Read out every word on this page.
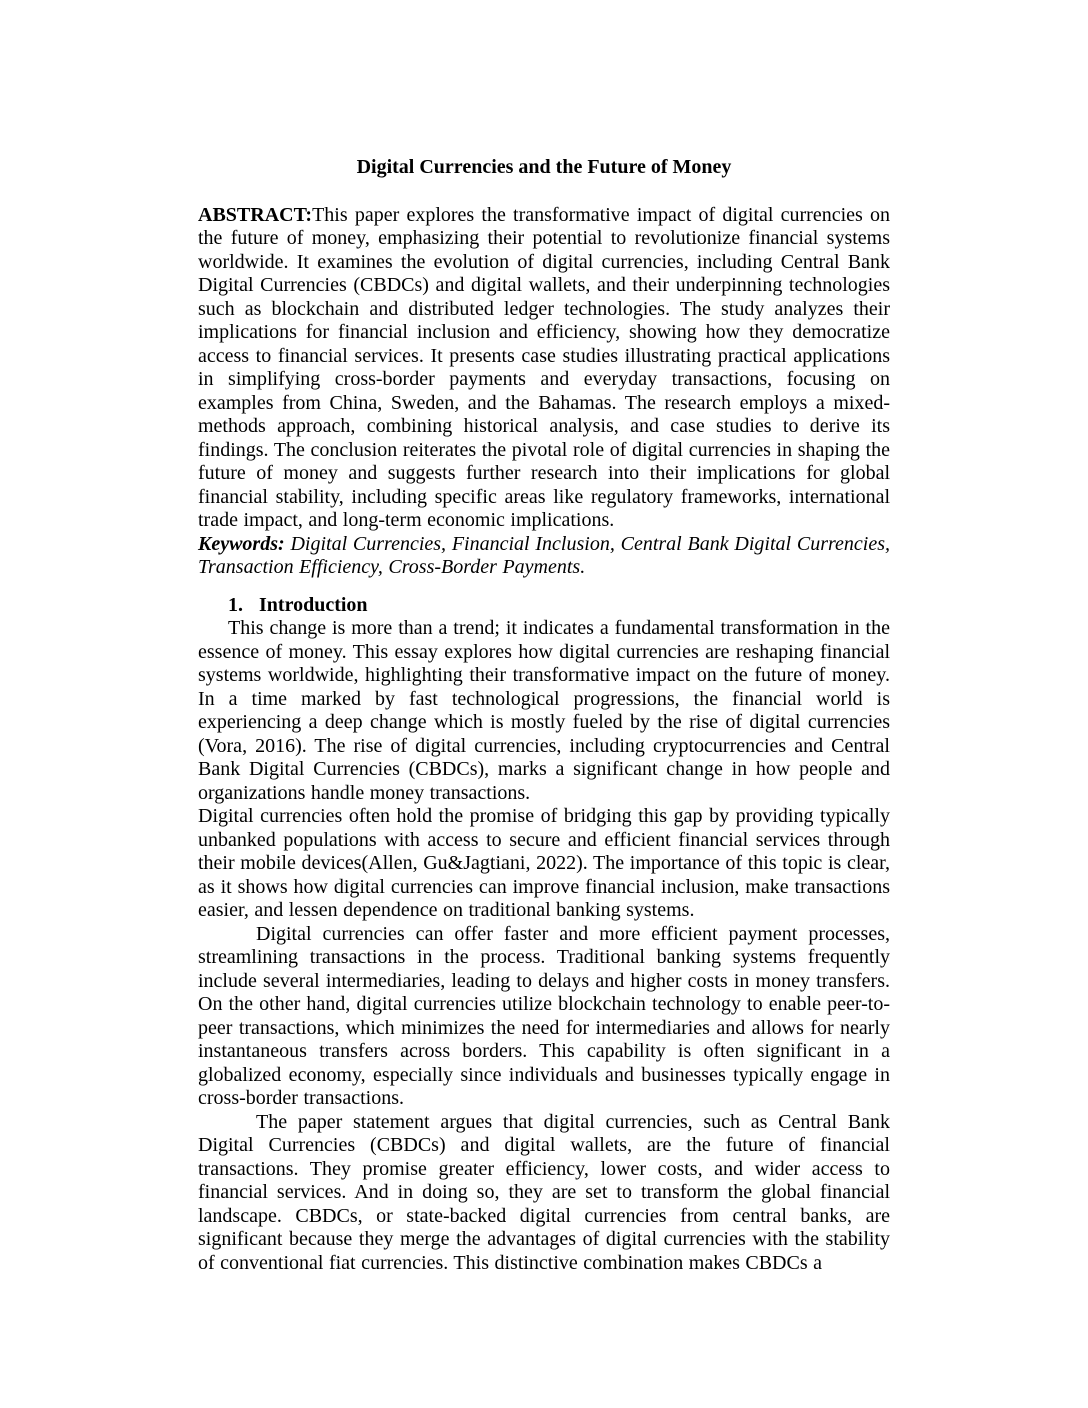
Digital Currencies and the Future of Money

ABSTRACT:This paper explores the transformative impact of digital currencies on the future of money, emphasizing their potential to revolutionize financial systems worldwide. It examines the evolution of digital currencies, including Central Bank Digital Currencies (CBDCs) and digital wallets, and their underpinning technologies such as blockchain and distributed ledger technologies. The study analyzes their implications for financial inclusion and efficiency, showing how they democratize access to financial services. It presents case studies illustrating practical applications in simplifying cross-border payments and everyday transactions, focusing on examples from China, Sweden, and the Bahamas. The research employs a mixed-methods approach, combining historical analysis, and case studies to derive its findings. The conclusion reiterates the pivotal role of digital currencies in shaping the future of money and suggests further research into their implications for global financial stability, including specific areas like regulatory frameworks, international trade impact, and long-term economic implications.

Keywords: Digital Currencies, Financial Inclusion, Central Bank Digital Currencies, Transaction Efficiency, Cross-Border Payments.

1. Introduction

This change is more than a trend; it indicates a fundamental transformation in the essence of money. This essay explores how digital currencies are reshaping financial systems worldwide, highlighting their transformative impact on the future of money. In a time marked by fast technological progressions, the financial world is experiencing a deep change which is mostly fueled by the rise of digital currencies (Vora, 2016). The rise of digital currencies, including cryptocurrencies and Central Bank Digital Currencies (CBDCs), marks a significant change in how people and organizations handle money transactions.

Digital currencies often hold the promise of bridging this gap by providing typically unbanked populations with access to secure and efficient financial services through their mobile devices(Allen, Gu&Jagtiani, 2022). The importance of this topic is clear, as it shows how digital currencies can improve financial inclusion, make transactions easier, and lessen dependence on traditional banking systems.

Digital currencies can offer faster and more efficient payment processes, streamlining transactions in the process. Traditional banking systems frequently include several intermediaries, leading to delays and higher costs in money transfers. On the other hand, digital currencies utilize blockchain technology to enable peer-to-peer transactions, which minimizes the need for intermediaries and allows for nearly instantaneous transfers across borders. This capability is often significant in a globalized economy, especially since individuals and businesses typically engage in cross-border transactions.

The paper statement argues that digital currencies, such as Central Bank Digital Currencies (CBDCs) and digital wallets, are the future of financial transactions. They promise greater efficiency, lower costs, and wider access to financial services. And in doing so, they are set to transform the global financial landscape. CBDCs, or state-backed digital currencies from central banks, are significant because they merge the advantages of digital currencies with the stability of conventional fiat currencies. This distinctive combination makes CBDCs a
